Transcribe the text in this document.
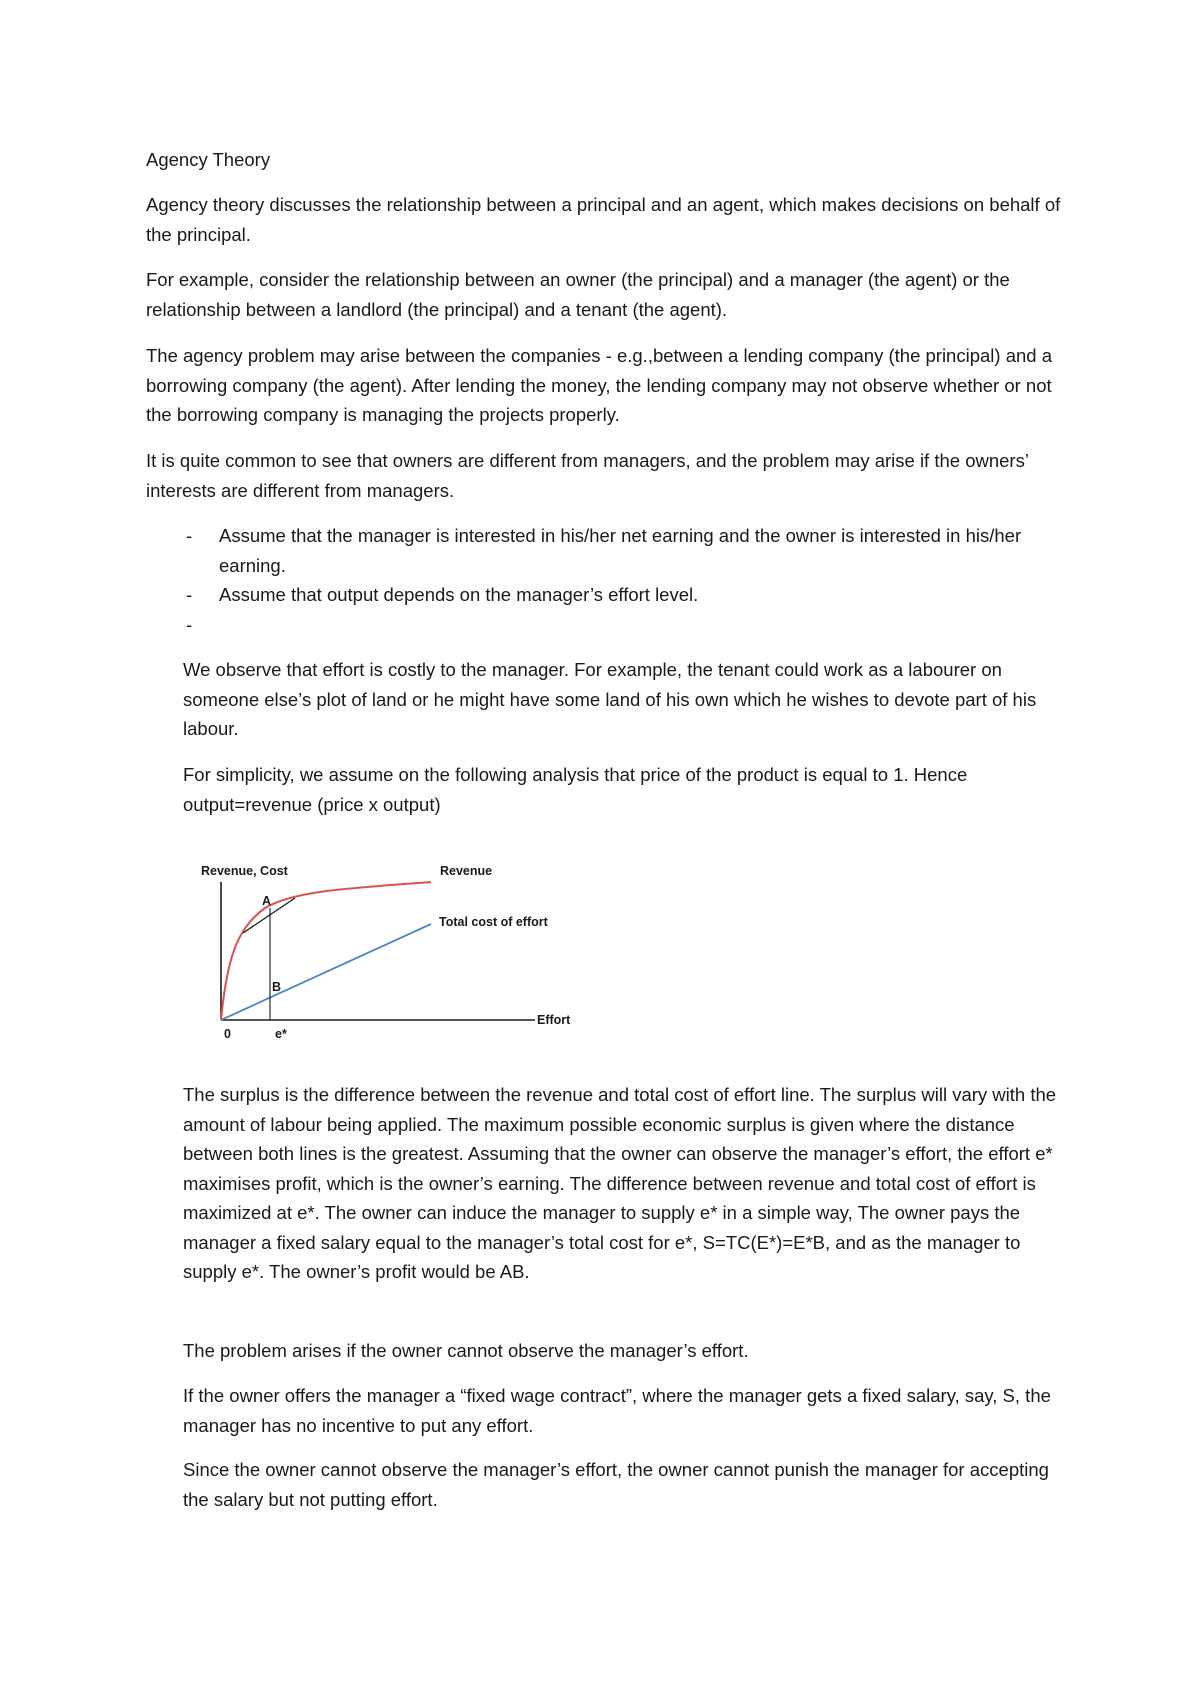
Agency Theory

Agency theory discusses the relationship between a principal and an agent, which makes decisions on behalf of the principal.

For example, consider the relationship between an owner (the principal) and a manager (the agent) or the relationship between a landlord (the principal) and a tenant (the agent).

The agency problem may arise between the companies - e.g.,between a lending company (the principal) and a borrowing company (the agent). After lending the money, the lending company may not observe whether or not the borrowing company is managing the projects properly.

It is quite common to see that owners are different from managers, and the problem may arise if the owners’ interests are different from managers.

- Assume that the manager is interested in his/her net earning and the owner is interested in his/her earning.
- Assume that output depends on the manager’s effort level.
-

We observe that effort is costly to the manager. For example, the tenant could work as a labourer on someone else’s plot of land or he might have some land of his own which he wishes to devote part of his labour.

For simplicity, we assume on the following analysis that price of the product is equal to 1. Hence output=revenue (price x output)

Revenue, Cost	Revenue
Total cost of effort
Effort
A
B
0	e*

The surplus is the difference between the revenue and total cost of effort line. The surplus will vary with the amount of labour being applied. The maximum possible economic surplus is given where the distance between both lines is the greatest. Assuming that the owner can observe the manager’s effort, the effort e* maximises profit, which is the owner’s earning. The difference between revenue and total cost of effort is maximized at e*. The owner can induce the manager to supply e* in a simple way, The owner pays the manager a fixed salary equal to the manager’s total cost for e*, S=TC(E*)=E*B, and as the manager to supply e*. The owner’s profit would be AB.

The problem arises if the owner cannot observe the manager’s effort.

If the owner offers the manager a “fixed wage contract”, where the manager gets a fixed salary, say, S, the manager has no incentive to put any effort.

Since the owner cannot observe the manager’s effort, the owner cannot punish the manager for accepting the salary but not putting effort.
